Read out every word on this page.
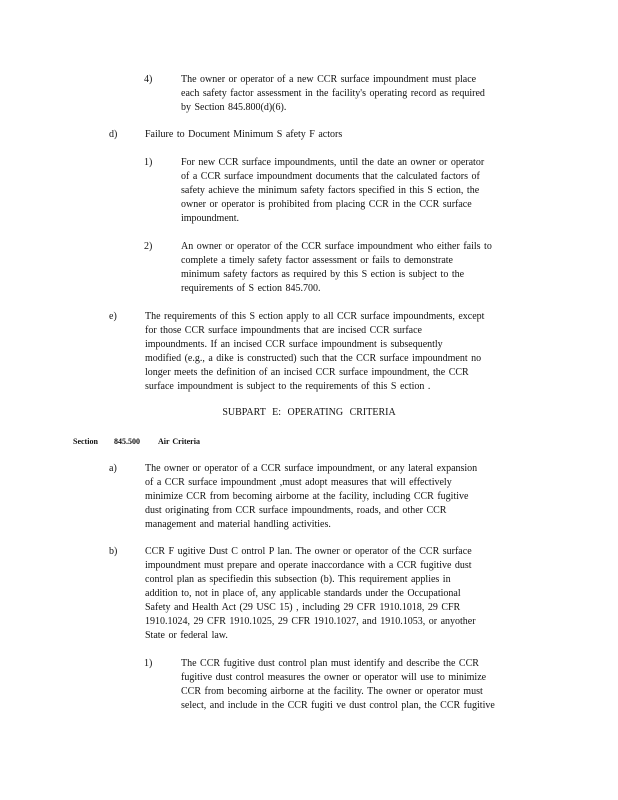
4)	The owner or operator of a new CCR surface impoundment must place
each safety factor assessment in the facility's operating record as required
by Section 845.800(d)(6).
d)	Failure to Document Minimum S afety F actors
1)	For new CCR surface impoundments, until the date an owner or operator
of a CCR surface impoundment documents that the calculated factors of
safety achieve the minimum safety factors specified in this S ection, the
owner or operator is prohibited from placing CCR in the CCR surface
impoundment.
2)	An owner or operator of the CCR surface impoundment who either fails to
complete a timely safety factor assessment or fails to demonstrate
minimum safety factors as required by this S ection is subject to the
requirements of S ection 845.700.
e)	The requirements of this S ection apply to all CCR surface impoundments, except
for those CCR surface impoundments that are incised CCR surface
impoundments. If an incised CCR surface impoundment is subsequently
modified (e.g., a dike is constructed) such that the CCR surface impoundment no
longer meets the definition of an incised CCR surface impoundment, the CCR
surface impoundment is subject to the requirements of this S ection .
SUBPART E: OPERATING CRITERIA
Section 845.500 Air Criteria
a)	The owner or operator of a CCR surface impoundment, or any lateral expansion
of a CCR surface impoundment ,must adopt measures that will effectively
minimize CCR from becoming airborne at the facility, including CCR fugitive
dust originating from CCR surface impoundments, roads, and other CCR
management and material handling activities.
b)	CCR F ugitive Dust C ontrol P lan. The owner or operator of the CCR surface
impoundment must prepare and operate inaccordance with a CCR fugitive dust
control plan as specifiedin this subsection (b). This requirement applies in
addition to, not in place of, any applicable standards under the Occupational
Safety and Health Act (29 USC 15) , including 29 CFR 1910.1018, 29 CFR
1910.1024, 29 CFR 1910.1025, 29 CFR 1910.1027, and 1910.1053, or anyother
State or federal law.
1)	The CCR fugitive dust control plan must identify and describe the CCR
fugitive dust control measures the owner or operator will use to minimize
CCR from becoming airborne at the facility. The owner or operator must
select, and include in the CCR fugiti ve dust control plan, the CCR fugitive
